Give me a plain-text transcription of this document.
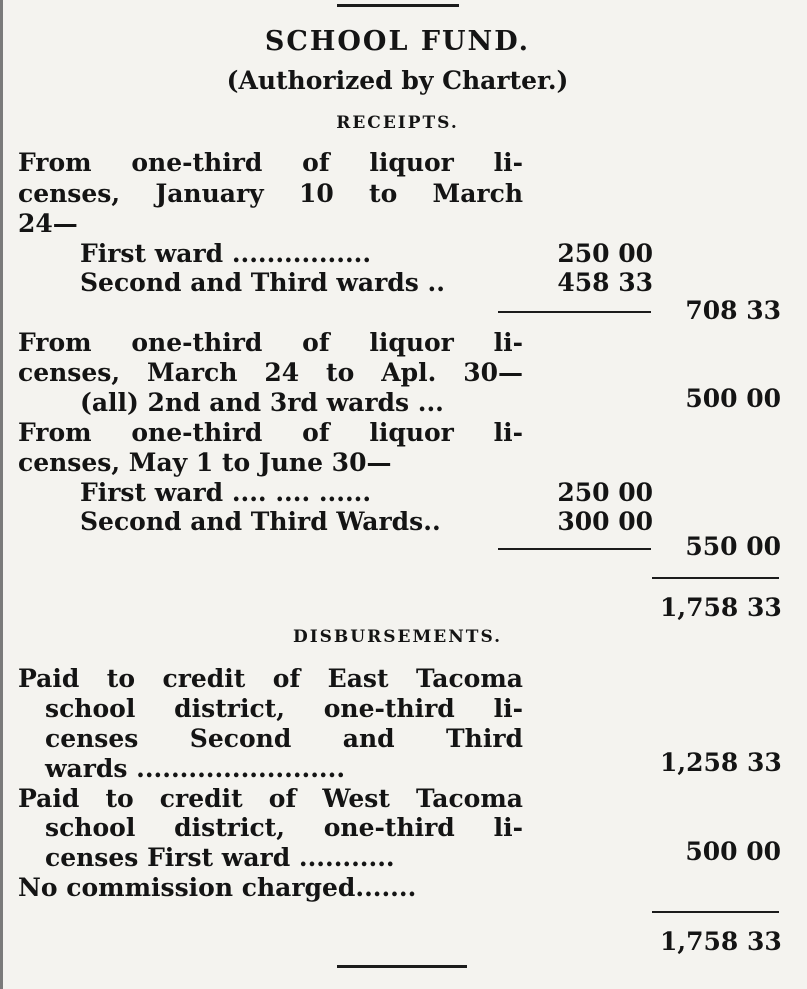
SCHOOL FUND.
(Authorized by Charter.)
RECEIPTS.
From one-third of liquor li-
censes, January 10 to March
24—
First ward ................	250 00
Second and Third wards ..	458 33
708 33
From one-third of liquor li-
censes, March 24 to Apl. 30—
(all) 2nd and 3rd wards ...	500 00
From one-third of liquor li-
censes, May 1 to June 30—
First ward .... .... ......	250 00
Second and Third Wards..	300 00
550 00
1,758 33
DISBURSEMENTS.
Paid to credit of East Tacoma
school district, one-third li-
censes Second and Third
wards ........................	1,258 33
Paid to credit of West Tacoma
school district, one-third li-
censes First ward ...........	500 00
No commission charged.......
1,758 33
